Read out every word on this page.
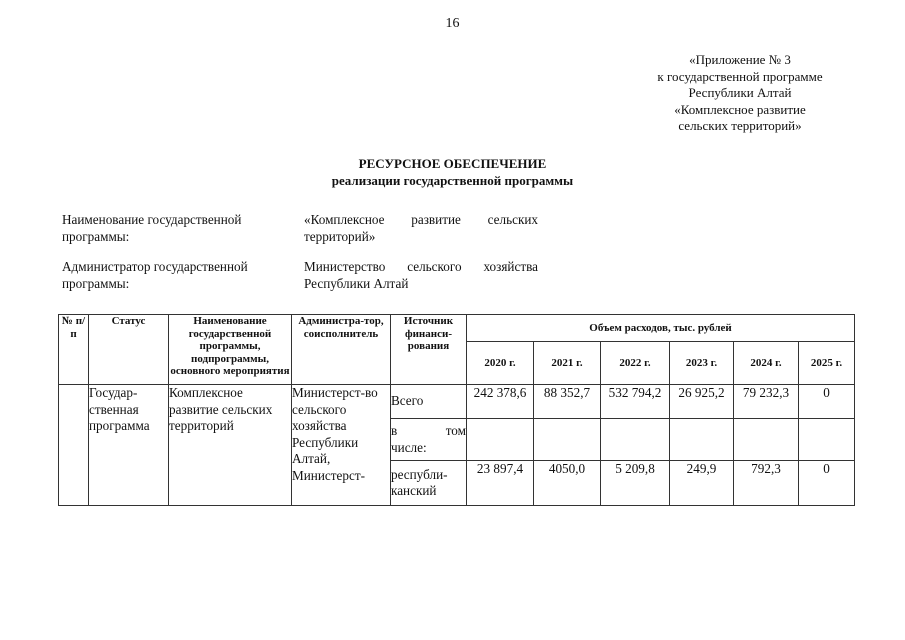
16
«Приложение № 3
к государственной программе
Республики Алтай
«Комплексное развитие
сельских территорий»
РЕСУРСНОЕ ОБЕСПЕЧЕНИЕ
реализации государственной программы
Наименование государственной программы:
«Комплексное развитие сельских территорий»
Администратор государственной программы:
Министерство сельского хозяйства Республики Алтай
№ п/п	Статус	Наименование государственной программы, подпрограммы, основного мероприятия	Администра-тор, соисполнитель	Источник финанси-рования	Объем расходов, тыс. рублей					
					2020 г.	2021 г.	2022 г.	2023 г.	2024 г.	2025 г.
	Государ-ственная программа	Комплексное развитие сельских территорий	Министерст-во сельского хозяйства Республики Алтай, Министерст-	Всего	242 378,6	88 352,7	532 794,2	26 925,2	79 232,3	0

				в том
числе:						

				республи-канский	23 897,4	4050,0	5 209,8	249,9	792,3	0
